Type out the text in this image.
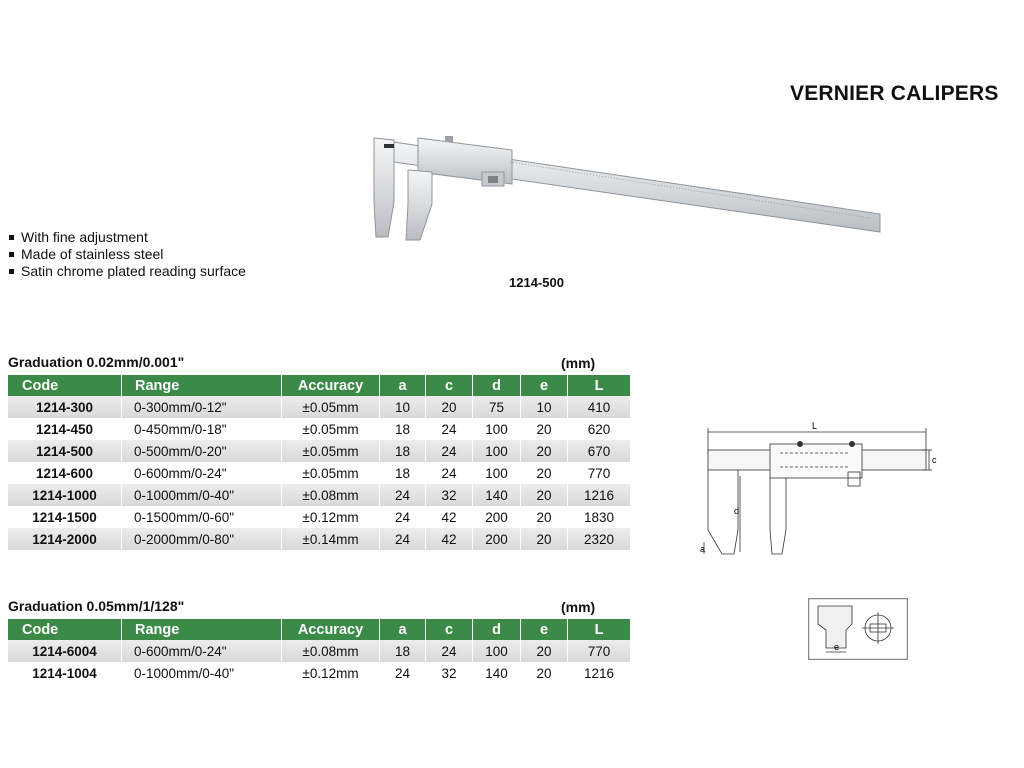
VERNIER CALIPERS
With fine adjustment
Made of stainless steel
Satin chrome plated reading surface
1214-500
Graduation 0.02mm/0.001"	(mm)
Code	Range	Accuracy	a	c	d	e	L
1214-300	0-300mm/0-12"	±0.05mm	10	20	75	10	410
1214-450	0-450mm/0-18"	±0.05mm	18	24	100	20	620
1214-500	0-500mm/0-20"	±0.05mm	18	24	100	20	670
1214-600	0-600mm/0-24"	±0.05mm	18	24	100	20	770
1214-1000	0-1000mm/0-40"	±0.08mm	24	32	140	20	1216
1214-1500	0-1500mm/0-60"	±0.12mm	24	42	200	20	1830
1214-2000	0-2000mm/0-80"	±0.14mm	24	42	200	20	2320
Graduation 0.05mm/1/128"	(mm)
Code	Range	Accuracy	a	c	d	e	L
1214-6004	0-600mm/0-24"	±0.08mm	18	24	100	20	770
1214-1004	0-1000mm/0-40"	±0.12mm	24	32	140	20	1216
L
c
d
a
e
